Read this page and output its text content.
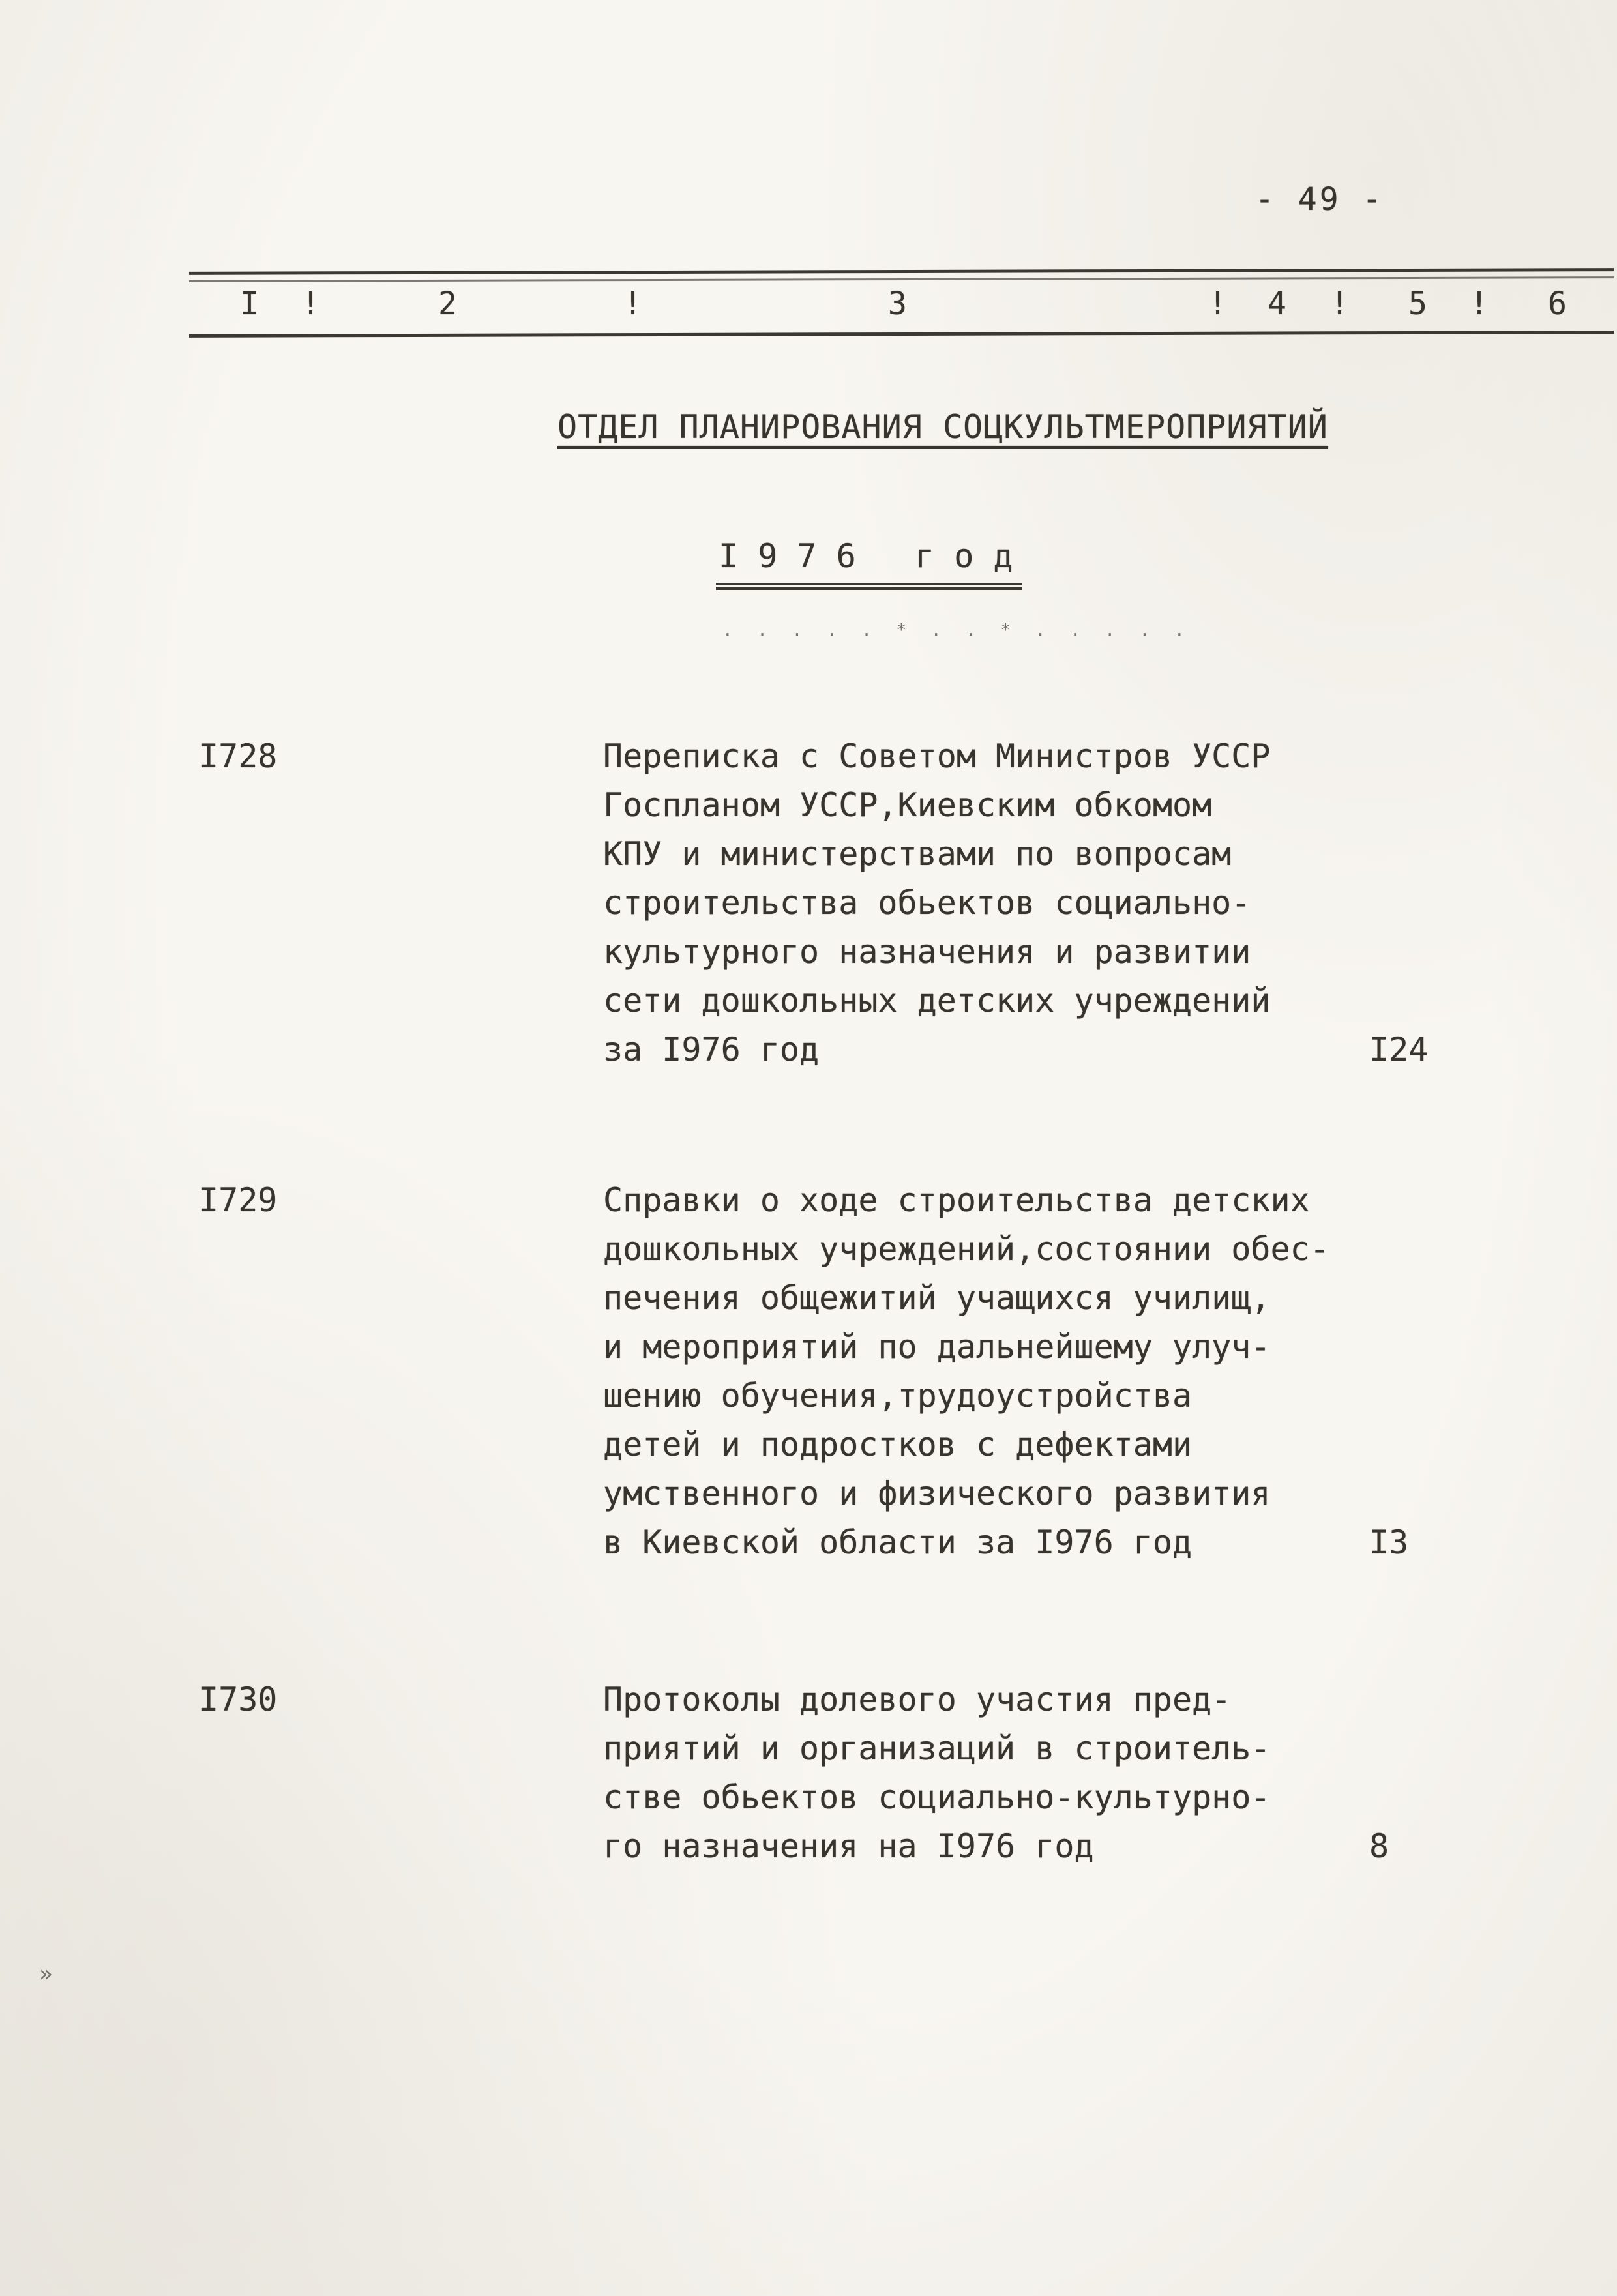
- 49 -
I !	2	!	3	! 4 ! 5 ! 6
ОТДЕЛ ПЛАНИРОВАНИЯ СОЦКУЛЬТМЕРОПРИЯТИЙ
I 9 7 6   г о д
. . . . . * . . * . . . . .
I728	Переписка с Советом Министров УССР
Госпланом УССР,Киевским обкомом
КПУ и министерствами по вопросам
строительства обьектов социально-
культурного назначения и развитии
сети дошкольных детских учреждений
за I976 год	I24
I729	Справки о ходе строительства детских
дошкольных учреждений,состоянии обес-
печения общежитий учащихся училищ,
и мероприятий по дальнейшему улуч-
шению обучения,трудоустройства
детей и подростков с дефектами
умственного и физического развития
в Киевской области за I976 год	I3
I730	Протоколы долевого участия пред-
приятий и организаций в строитель-
стве обьектов социально-культурно-
го назначения на I976 год	8
»
